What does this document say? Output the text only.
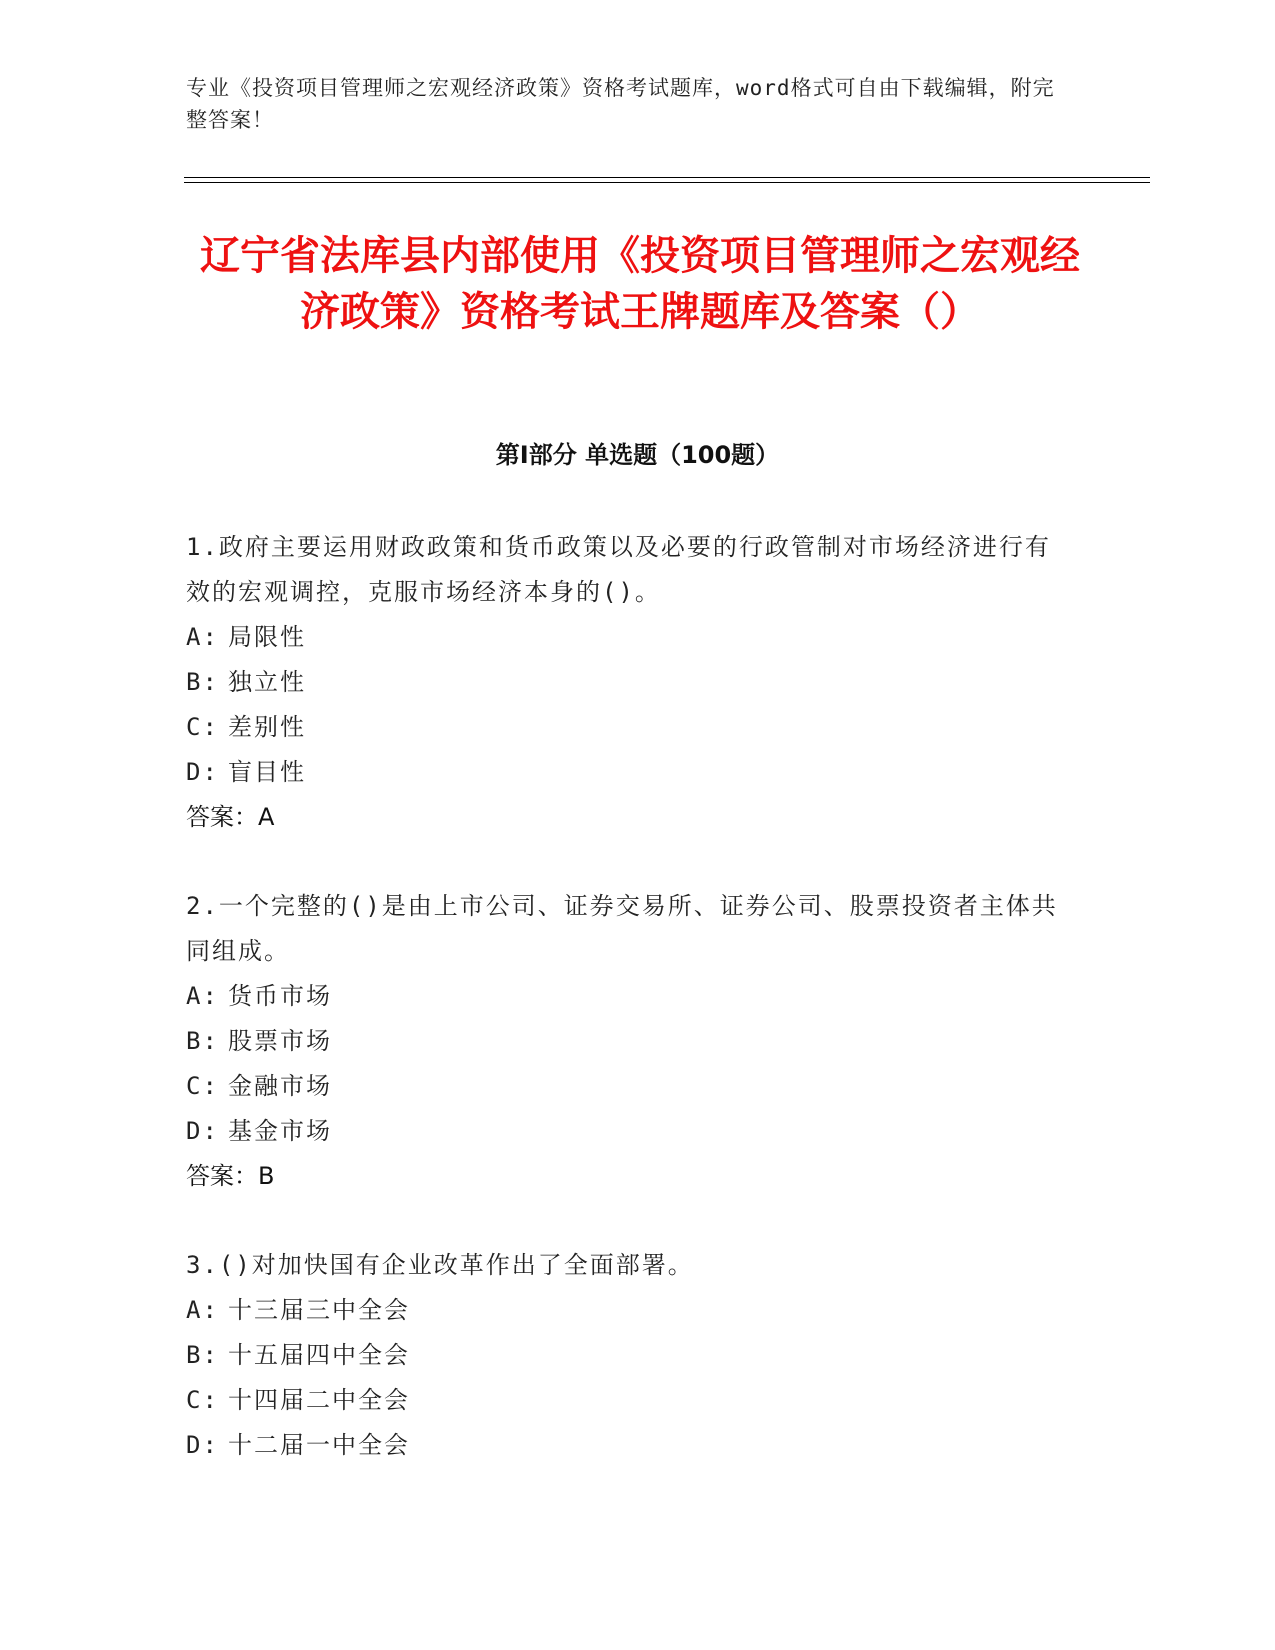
专业《投资项目管理师之宏观经济政策》资格考试题库，word格式可自由下载编辑，附完整答案！
辽宁省法库县内部使用《投资项目管理师之宏观经济政策》资格考试王牌题库及答案（）
第Ⅰ部分 单选题（100题）
1.政府主要运用财政政策和货币政策以及必要的行政管制对市场经济进行有效的宏观调控，克服市场经济本身的()。
A: 局限性
B: 独立性
C: 差别性
D: 盲目性
答案：A
2.一个完整的()是由上市公司、证券交易所、证券公司、股票投资者主体共同组成。
A: 货币市场
B: 股票市场
C: 金融市场
D: 基金市场
答案：B
3.()对加快国有企业改革作出了全面部署。
A: 十三届三中全会
B: 十五届四中全会
C: 十四届二中全会
D: 十二届一中全会
